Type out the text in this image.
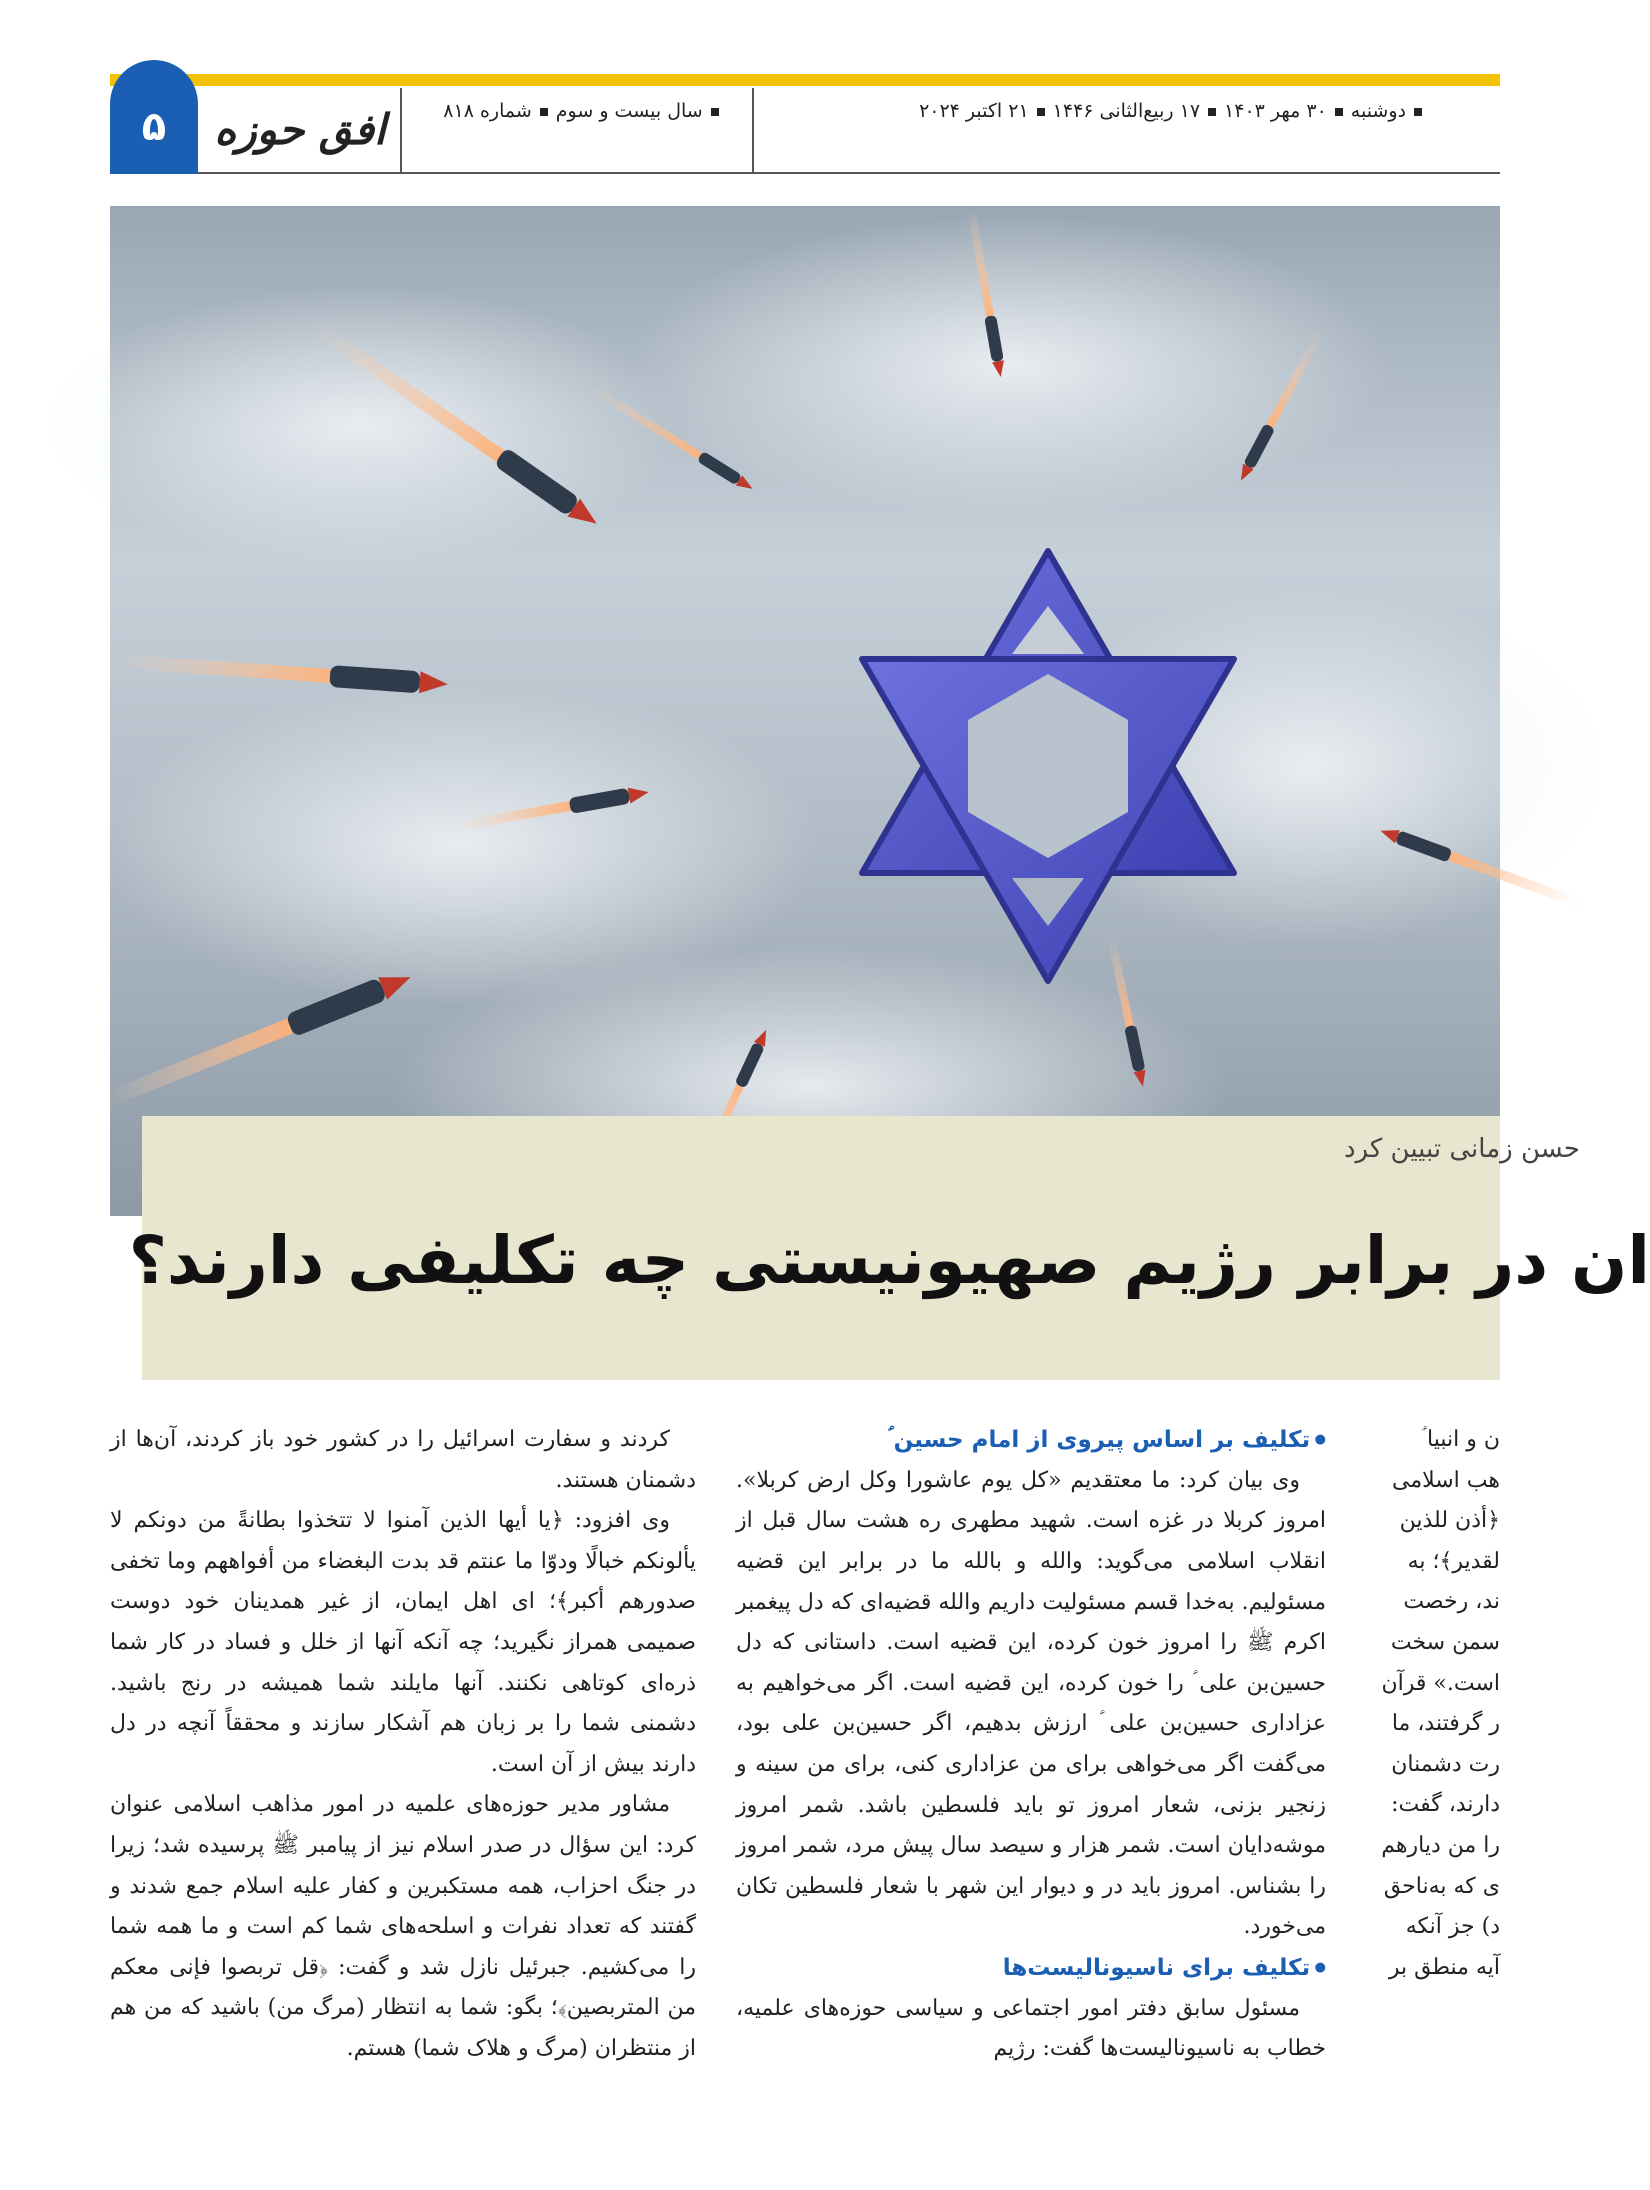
۵ افق حوزه	سال بیست و سومشماره ۸۱۸	دوشنبه۳۰ مهر ۱۴۰۳۱۷ ربیع‌الثانی ۱۴۴۶۲۱ اکتبر ۲۰۲۴
حسن زمانی تبیین کرد
ان در برابر رژیم صهیونیستی چه تکلیفی دارند؟

کردند و سفارت اسرائیل را در کشور خود باز کردند، آن‌ها از دشمنان هستند.

وی افزود: ﴿یا أیها الذین آمنوا لا تتخذوا بطانةً من دونکم لا یألونکم خبالًا ودوّا ما عنتم قد بدت البغضاء من أفواههم وما تخفی صدورهم أکبر﴾؛ ای اهل ایمان، از غیر همدینان خود دوست صمیمی همراز نگیرید؛ چه آنکه آنها از خلل و فساد در کار شما ذره‌ای کوتاهی نکنند. آنها مایلند شما همیشه در رنج باشید. دشمنی شما را بر زبان هم آشکار سازند و محققاً آنچه در دل دارند بیش از آن است.

مشاور مدیر حوزه‌های علمیه در امور مذاهب اسلامی عنوان کرد: این سؤال در صدر اسلام نیز از پیامبر ﷺ پرسیده شد؛ زیرا در جنگ احزاب، همه مستکبرین و کفار علیه اسلام جمع شدند و گفتند که تعداد نفرات و اسلحه‌های شما کم است و ما همه شما را می‌کشیم. جبرئیل نازل شد و گفت: ﴿قل تربصوا فإنی معکم من المتربصین﴾؛ بگو: شما به انتظار (مرگ من) باشید که من هم از منتظران (مرگ و هلاک شما) هستم.

● تکلیف بر اساس پیروی از امام حسین ؑ

وی بیان کرد: ما معتقدیم «کل یوم عاشورا وکل ارض کربلا». امروز کربلا در غزه است. شهید مطهری ره هشت سال قبل از انقلاب اسلامی می‌گوید: والله و بالله ما در برابر این قضیه مسئولیم. به‌خدا قسم مسئولیت داریم والله قضیه‌ای که دل پیغمبر اکرم ﷺ را امروز خون کرده، این قضیه است. داستانی که دل حسین‌بن علی ؑ را خون کرده، این قضیه است. اگر می‌خواهیم به عزاداری حسین‌بن علی ؑ ارزش بدهیم، اگر حسین‌بن علی بود، می‌گفت اگر می‌خواهی برای من عزاداری کنی، برای من سینه و زنجیر بزنی، شعار امروز تو باید فلسطین باشد. شمر امروز موشه‌دایان است. شمر هزار و سیصد سال پیش مرد، شمر امروز را بشناس. امروز باید در و دیوار این شهر با شعار فلسطین تکان می‌خورد.

● تکلیف برای ناسیونالیست‌ها

مسئول سابق دفتر امور اجتماعی و سیاسی حوزه‌های علمیه، خطاب به ناسیونالیست‌ها گفت: رژیم

ن و انبیا ؑ
هب اسلامی
﴿أذن للذین
لقدیر﴾؛ به
ند، رخصت
سمن سخت
است.» قرآن
ر گرفتند، ما
رت دشمنان
دارند، گفت:
را من دیارهم
ی که به‌ناحق
د) جز آنکه
آیه منطق بر
